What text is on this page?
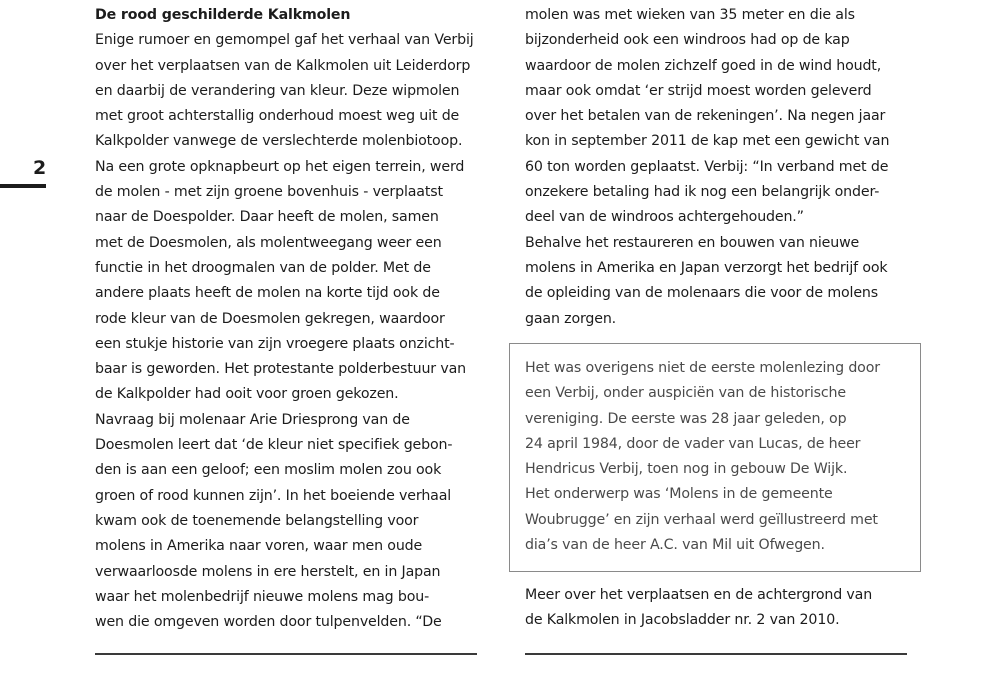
2
De rood geschilderde Kalkmolen
Enige rumoer en gemompel gaf het verhaal van Verbij
over het verplaatsen van de Kalkmolen uit Leiderdorp
en daarbij de verandering van kleur. Deze wipmolen
met groot achterstallig onderhoud moest weg uit de
Kalkpolder vanwege de verslechterde molenbiotoop.
Na een grote opknapbeurt op het eigen terrein, werd
de molen - met zijn groene bovenhuis - verplaatst
naar de Doespolder. Daar heeft de molen, samen
met de Doesmolen, als molentweegang weer een
functie in het droogmalen van de polder. Met de
andere plaats heeft de molen na korte tijd ook de
rode kleur van de Doesmolen gekregen, waardoor
een stukje historie van zijn vroegere plaats onzicht-
baar is geworden. Het protestante polderbestuur van
de Kalkpolder had ooit voor groen gekozen.
Navraag bij molenaar Arie Driesprong van de
Doesmolen leert dat ‘de kleur niet specifiek gebon-
den is aan een geloof; een moslim molen zou ook
groen of rood kunnen zijn’. In het boeiende verhaal
kwam ook de toenemende belangstelling voor
molens in Amerika naar voren, waar men oude
verwaarloosde molens in ere herstelt, en in Japan
waar het molenbedrijf nieuwe molens mag bou-
wen die omgeven worden door tulpenvelden. “De
molen was met wieken van 35 meter en die als
bijzonderheid ook een windroos had op de kap
waardoor de molen zichzelf goed in de wind houdt,
maar ook omdat ‘er strijd moest worden geleverd
over het betalen van de rekeningen’. Na negen jaar
kon in september 2011 de kap met een gewicht van
60 ton worden geplaatst. Verbij: “In verband met de
onzekere betaling had ik nog een belangrijk onder-
deel van de windroos achtergehouden.”
Behalve het restaureren en bouwen van nieuwe
molens in Amerika en Japan verzorgt het bedrijf ook
de opleiding van de molenaars die voor de molens
gaan zorgen.
Het was overigens niet de eerste molenlezing door
een Verbij, onder auspiciën van de historische
vereniging. De eerste was 28 jaar geleden, op
24 april 1984, door de vader van Lucas, de heer
Hendricus Verbij, toen nog in gebouw De Wijk.
Het onderwerp was ‘Molens in de gemeente
Woubrugge’ en zijn verhaal werd geïllustreerd met
dia’s van de heer A.C. van Mil uit Ofwegen.
Meer over het verplaatsen en de achtergrond van
de Kalkmolen in Jacobsladder nr. 2 van 2010.
